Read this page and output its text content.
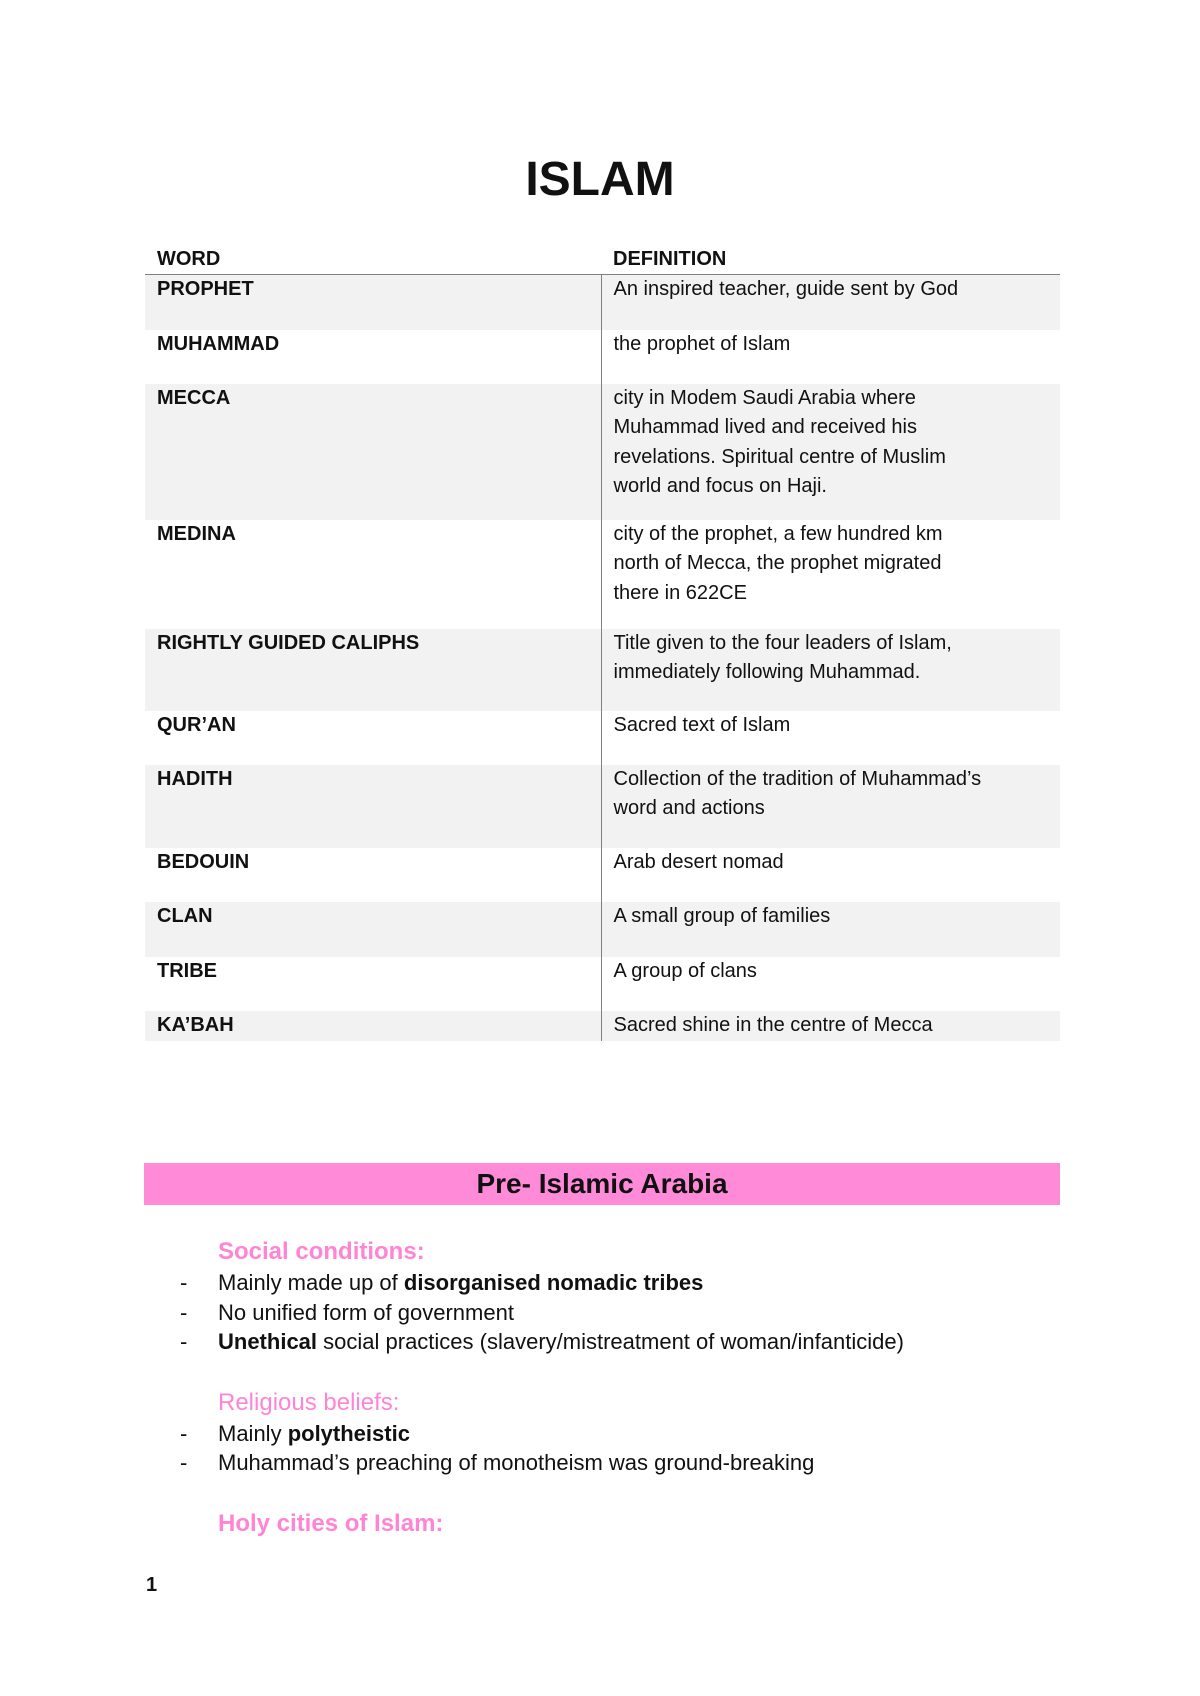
ISLAM
WORD	DEFINITION
PROPHET	An inspired teacher, guide sent by God

MUHAMMAD	the prophet of Islam

MECCA	city in Modem Saudi Arabia where
Muhammad lived and received his
revelations. Spiritual centre of Muslim
world and focus on Haji.

MEDINA	city of the prophet, a few hundred km
north of Mecca, the prophet migrated
there in 622CE

RIGHTLY GUIDED CALIPHS	Title given to the four leaders of Islam,
immediately following Muhammad.

QUR’AN	Sacred text of Islam

HADITH	Collection of the tradition of Muhammad’s
word and actions

BEDOUIN	Arab desert nomad

CLAN	A small group of families

TRIBE	A group of clans

KA’BAH	Sacred shine in the centre of Mecca
Pre- Islamic Arabia
Social conditions:
- Mainly made up of disorganised nomadic tribes
- No unified form of government
- Unethical social practices (slavery/mistreatment of woman/infanticide)
Religious beliefs:
- Mainly polytheistic
- Muhammad’s preaching of monotheism was ground-breaking
Holy cities of Islam:
1
